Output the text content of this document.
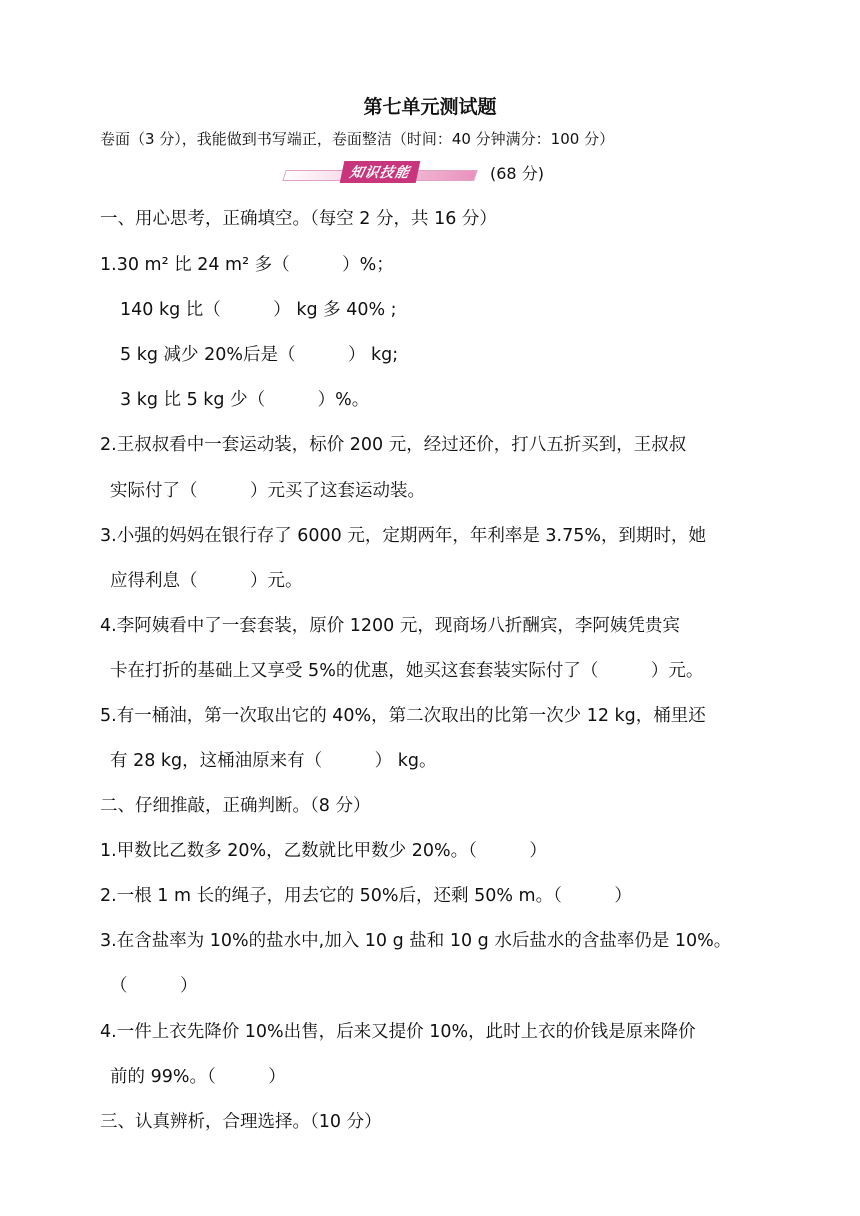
第七单元测试题
卷面（3 分），我能做到书写端正，卷面整洁（时间：40 分钟满分：100 分）
知识技能	(68 分)
一、用心思考，正确填空。（每空 2 分，共 16 分）
1.30 m² 比 24 m² 多（　　　）%；
140 kg 比（　　　） kg 多 40% ;
5 kg 减少 20%后是（　　　） kg;
3 kg 比 5 kg 少（　　　）%。
2.王叔叔看中一套运动装，标价 200 元，经过还价，打八五折买到，王叔叔
实际付了（　　　）元买了这套运动装。
3.小强的妈妈在银行存了 6000 元，定期两年，年利率是 3.75%，到期时，她
应得利息（　　　）元。
4.李阿姨看中了一套套装，原价 1200 元，现商场八折酬宾，李阿姨凭贵宾
卡在打折的基础上又享受 5%的优惠，她买这套套装实际付了（　　　）元。
5.有一桶油，第一次取出它的 40%，第二次取出的比第一次少 12 kg，桶里还
有 28 kg，这桶油原来有（　　　） kg。
二、仔细推敲，正确判断。（8 分）
1.甲数比乙数多 20%，乙数就比甲数少 20%。（　　　）
2.一根 1 m 长的绳子，用去它的 50%后，还剩 50% m。（　　　）
3.在含盐率为 10%的盐水中,加入 10 g 盐和 10 g 水后盐水的含盐率仍是 10%。
（　　　）
4.一件上衣先降价 10%出售，后来又提价 10%，此时上衣的价钱是原来降价
前的 99%。（　　　）
三、认真辨析，合理选择。（10 分）
